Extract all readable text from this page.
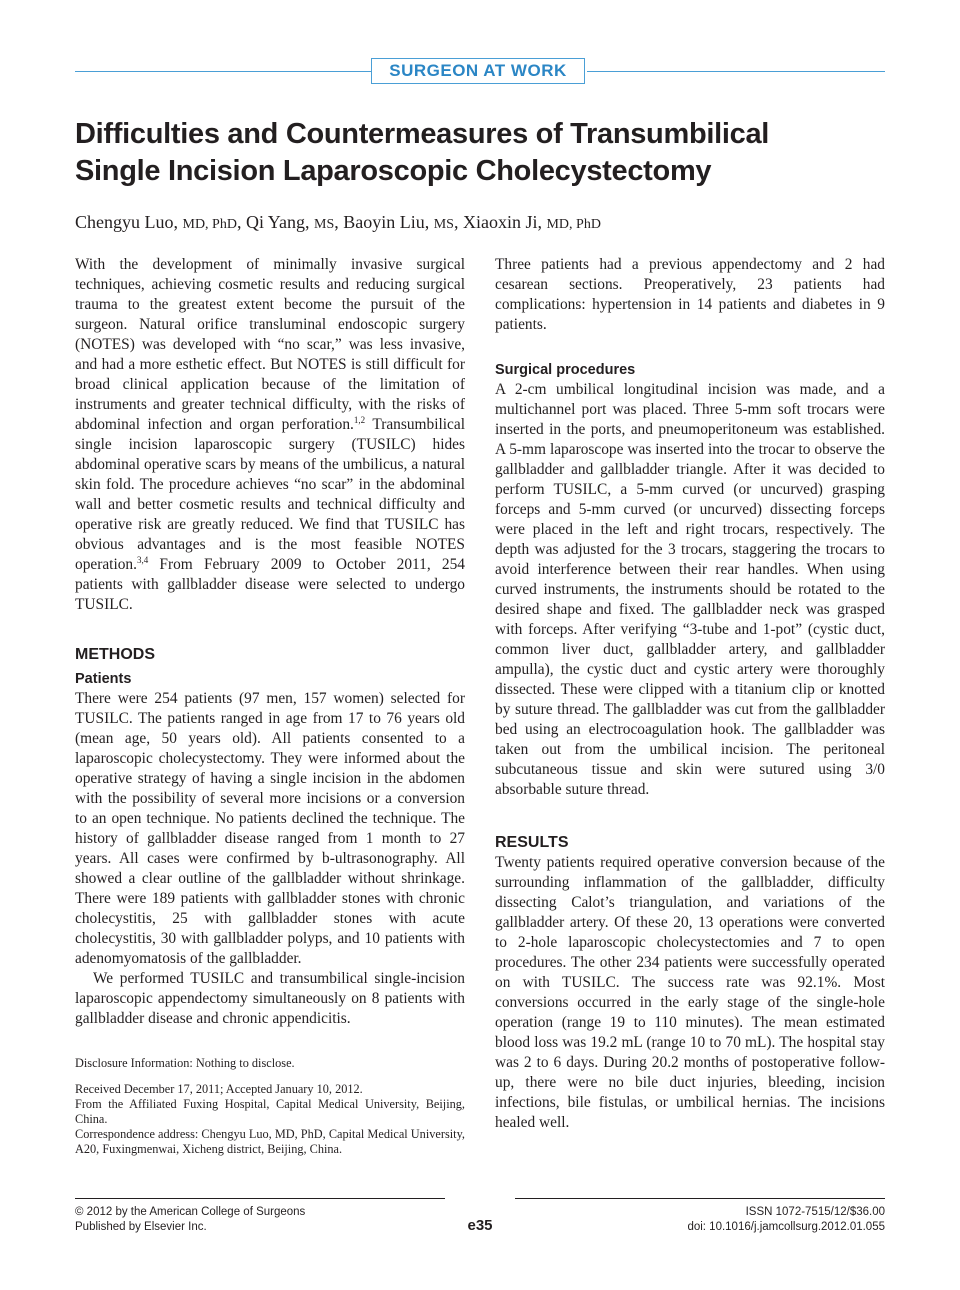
SURGEON AT WORK
Difficulties and Countermeasures of Transumbilical
Single Incision Laparoscopic Cholecystectomy
Chengyu Luo, MD, PhD, Qi Yang, MS, Baoyin Liu, MS, Xiaoxin Ji, MD, PhD

With the development of minimally invasive surgical techniques, achieving cosmetic results and reducing surgical trauma to the greatest extent become the pursuit of the surgeon. Natural orifice transluminal endoscopic surgery (NOTES) was developed with “no scar,” was less invasive, and had a more esthetic effect. But NOTES is still difficult for broad clinical application because of the limitation of instruments and greater technical difficulty, with the risks of abdominal infection and organ perforation.$^{1,2}$ Transumbilical single incision laparoscopic surgery (TUSILC) hides abdominal operative scars by means of the umbilicus, a natural skin fold. The procedure achieves “no scar” in the abdominal wall and better cosmetic results and technical difficulty and operative risk are greatly reduced. We find that TUSILC has obvious advantages and is the most feasible NOTES operation.$^{3,4}$ From February 2009 to October 2011, 254 patients with gallbladder disease were selected to undergo TUSILC.

METHODS
Patients

There were 254 patients (97 men, 157 women) selected for TUSILC. The patients ranged in age from 17 to 76 years old (mean age, 50 years old). All patients consented to a laparoscopic cholecystectomy. They were informed about the operative strategy of having a single incision in the abdomen with the possibility of several more incisions or a conversion to an open technique. No patients declined the technique. The history of gallbladder disease ranged from 1 month to 27 years. All cases were confirmed by b-ultrasonography. All showed a clear outline of the gallbladder without shrinkage. There were 189 patients with gallbladder stones with chronic cholecystitis, 25 with gallbladder stones with acute cholecystitis, 30 with gallbladder polyps, and 10 patients with adenomyomatosis of the gallbladder.

We performed TUSILC and transumbilical single-incision laparoscopic appendectomy simultaneously on 8 patients with gallbladder disease and chronic appendicitis.

Disclosure Information: Nothing to disclose.

Received December 17, 2011; Accepted January 10, 2012.

From the Affiliated Fuxing Hospital, Capital Medical University, Beijing, China.

Correspondence address: Chengyu Luo, MD, PhD, Capital Medical University, A20, Fuxingmenwai, Xicheng district, Beijing, China.

Three patients had a previous appendectomy and 2 had cesarean sections. Preoperatively, 23 patients had complications: hypertension in 14 patients and diabetes in 9 patients.

Surgical procedures

A 2-cm umbilical longitudinal incision was made, and a multichannel port was placed. Three 5-mm soft trocars were inserted in the ports, and pneumoperitoneum was established. A 5-mm laparoscope was inserted into the trocar to observe the gallbladder and gallbladder triangle. After it was decided to perform TUSILC, a 5-mm curved (or uncurved) grasping forceps and 5-mm curved (or uncurved) dissecting forceps were placed in the left and right trocars, respectively. The depth was adjusted for the 3 trocars, staggering the trocars to avoid interference between their rear handles. When using curved instruments, the instruments should be rotated to the desired shape and fixed. The gallbladder neck was grasped with forceps. After verifying “3-tube and 1-pot” (cystic duct, common liver duct, gallbladder artery, and gallbladder ampulla), the cystic duct and cystic artery were thoroughly dissected. These were clipped with a titanium clip or knotted by suture thread. The gallbladder was cut from the gallbladder bed using an electrocoagulation hook. The gallbladder was taken out from the umbilical incision. The peritoneal subcutaneous tissue and skin were sutured using 3/0 absorbable suture thread.

RESULTS

Twenty patients required operative conversion because of the surrounding inflammation of the gallbladder, difficulty dissecting Calot’s triangulation, and variations of the gallbladder artery. Of these 20, 13 operations were converted to 2-hole laparoscopic cholecystectomies and 7 to open procedures. The other 234 patients were successfully operated on with TUSILC. The success rate was 92.1%. Most conversions occurred in the early stage of the single-hole operation (range 19 to 110 minutes). The mean estimated blood loss was 19.2 mL (range 10 to 70 mL). The hospital stay was 2 to 6 days. During 20.2 months of postoperative follow-up, there were no bile duct injuries, bleeding, incision infections, bile fistulas, or umbilical hernias. The incisions healed well.

© 2012 by the American College of Surgeons
Published by Elsevier Inc.	e35
ISSN 1072-7515/12/$36.00
doi: 10.1016/j.jamcollsurg.2012.01.055
